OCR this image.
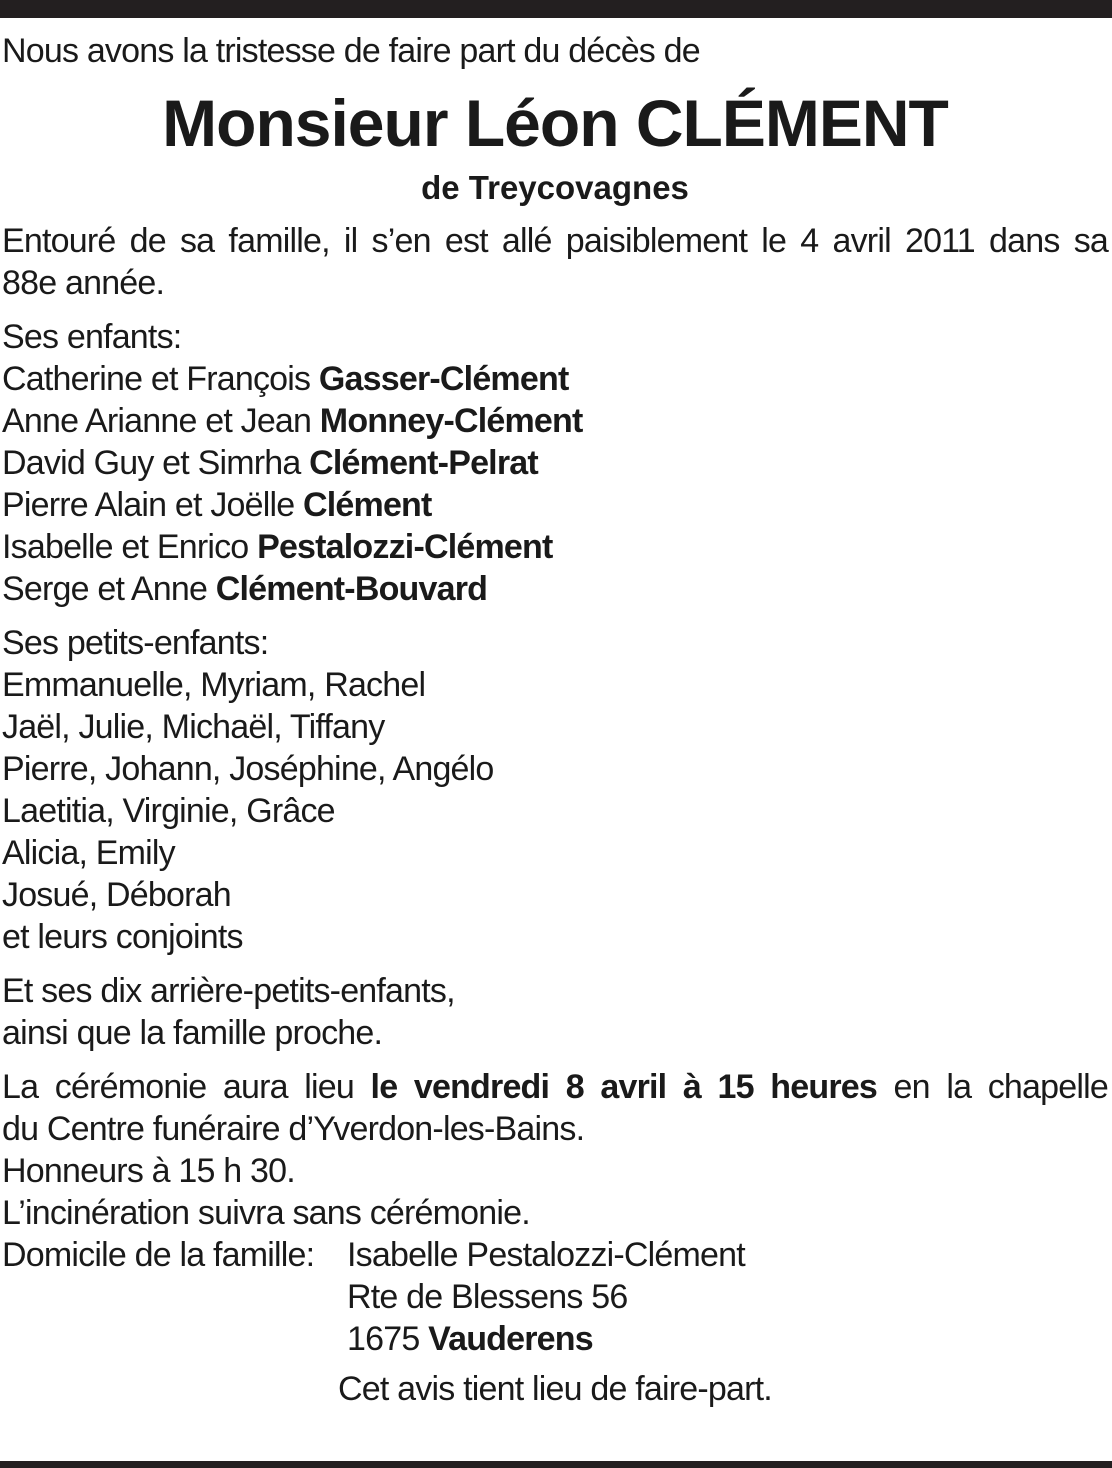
Nous avons la tristesse de faire part du décès de
Monsieur Léon CLÉMENT
de Treycovagnes
Entouré de sa famille, il s’en est allé paisiblement le 4 avril 2011 dans sa
88e année.
Ses enfants:
Catherine et François Gasser-Clément
Anne Arianne et Jean Monney-Clément
David Guy et Simrha Clément-Pelrat
Pierre Alain et Joëlle Clément
Isabelle et Enrico Pestalozzi-Clément
Serge et Anne Clément-Bouvard
Ses petits-enfants:
Emmanuelle, Myriam, Rachel
Jaël, Julie, Michaël, Tiffany
Pierre, Johann, Joséphine, Angélo
Laetitia, Virginie, Grâce
Alicia, Emily
Josué, Déborah
et leurs conjoints
Et ses dix arrière-petits-enfants,
ainsi que la famille proche.
La cérémonie aura lieu le vendredi 8 avril à 15 heures en la chapelle
du Centre funéraire d’Yverdon-les-Bains.
Honneurs à 15 h 30.
L’incinération suivra sans cérémonie.
Domicile de la famille: Isabelle Pestalozzi-Clément
Rte de Blessens 56
1675 Vauderens
Cet avis tient lieu de faire-part.
